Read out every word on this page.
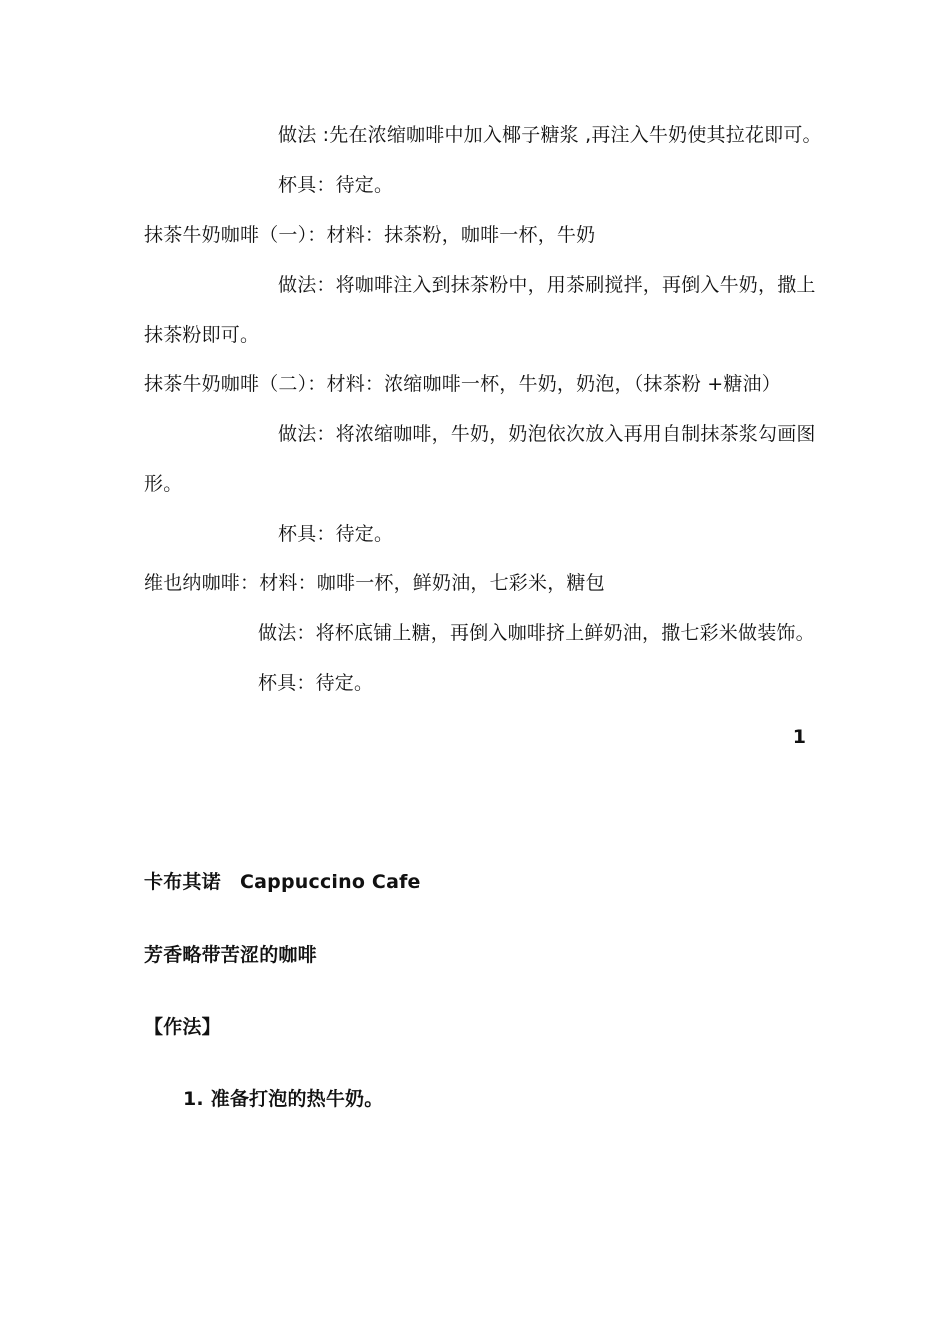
做法 :先在浓缩咖啡中加入椰子糖浆 ,再注入牛奶使其拉花即可。
杯具：待定。
抹茶牛奶咖啡（一）：材料：抹茶粉，咖啡一杯，牛奶
做法：将咖啡注入到抹茶粉中，用茶刷搅拌，再倒入牛奶，撒上
抹茶粉即可。
抹茶牛奶咖啡（二）：材料：浓缩咖啡一杯，牛奶，奶泡，（抹茶粉 +糖油）
做法：将浓缩咖啡，牛奶，奶泡依次放入再用自制抹茶浆勾画图
形。
杯具：待定。
维也纳咖啡：材料：咖啡一杯，鲜奶油，七彩米，糖包
做法：将杯底铺上糖，再倒入咖啡挤上鲜奶油，撒七彩米做装饰。
杯具：待定。
1
卡布其诺　Cappuccino Cafe
芳香略带苦涩的咖啡
【作法】
1. 准备打泡的热牛奶。
